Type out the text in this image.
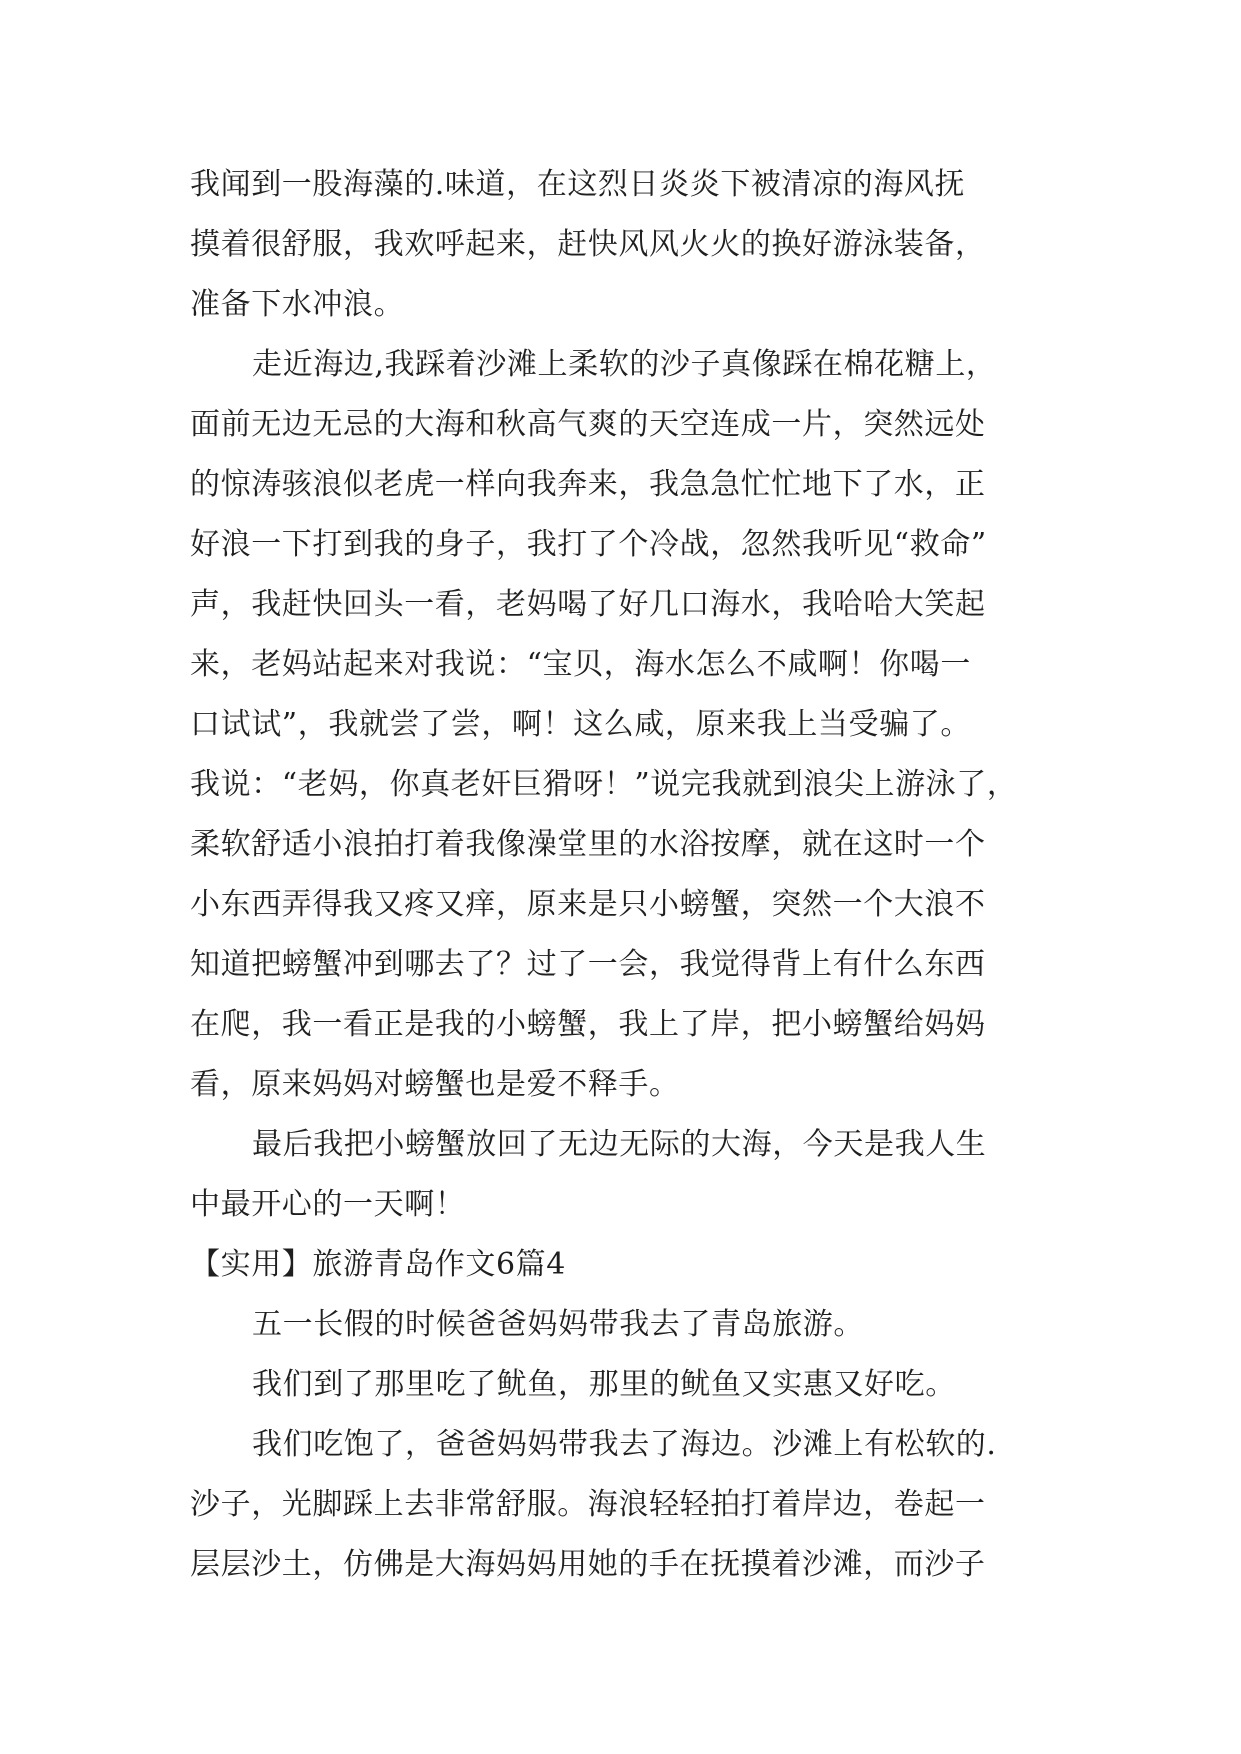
我闻到一股海藻的.味道，在这烈日炎炎下被清凉的海风抚
摸着很舒服，我欢呼起来，赶快风风火火的换好游泳装备，
准备下水冲浪。
走近海边,我踩着沙滩上柔软的沙子真像踩在棉花糖上，
面前无边无忌的大海和秋高气爽的天空连成一片，突然远处
的惊涛骇浪似老虎一样向我奔来，我急急忙忙地下了水，正
好浪一下打到我的身子，我打了个冷战，忽然我听见“救命”
声，我赶快回头一看，老妈喝了好几口海水，我哈哈大笑起
来，老妈站起来对我说：“宝贝，海水怎么不咸啊！你喝一
口试试”，我就尝了尝，啊！这么咸，原来我上当受骗了。
我说：“老妈，你真老奸巨猾呀！”说完我就到浪尖上游泳了，
柔软舒适小浪拍打着我像澡堂里的水浴按摩，就在这时一个
小东西弄得我又疼又痒，原来是只小螃蟹，突然一个大浪不
知道把螃蟹冲到哪去了？过了一会，我觉得背上有什么东西
在爬，我一看正是我的小螃蟹，我上了岸，把小螃蟹给妈妈
看，原来妈妈对螃蟹也是爱不释手。
最后我把小螃蟹放回了无边无际的大海，今天是我人生
中最开心的一天啊！
【实用】旅游青岛作文6篇4
五一长假的时候爸爸妈妈带我去了青岛旅游。
我们到了那里吃了鱿鱼，那里的鱿鱼又实惠又好吃。
我们吃饱了，爸爸妈妈带我去了海边。沙滩上有松软的.
沙子，光脚踩上去非常舒服。海浪轻轻拍打着岸边，卷起一
层层沙土，仿佛是大海妈妈用她的手在抚摸着沙滩，而沙子
